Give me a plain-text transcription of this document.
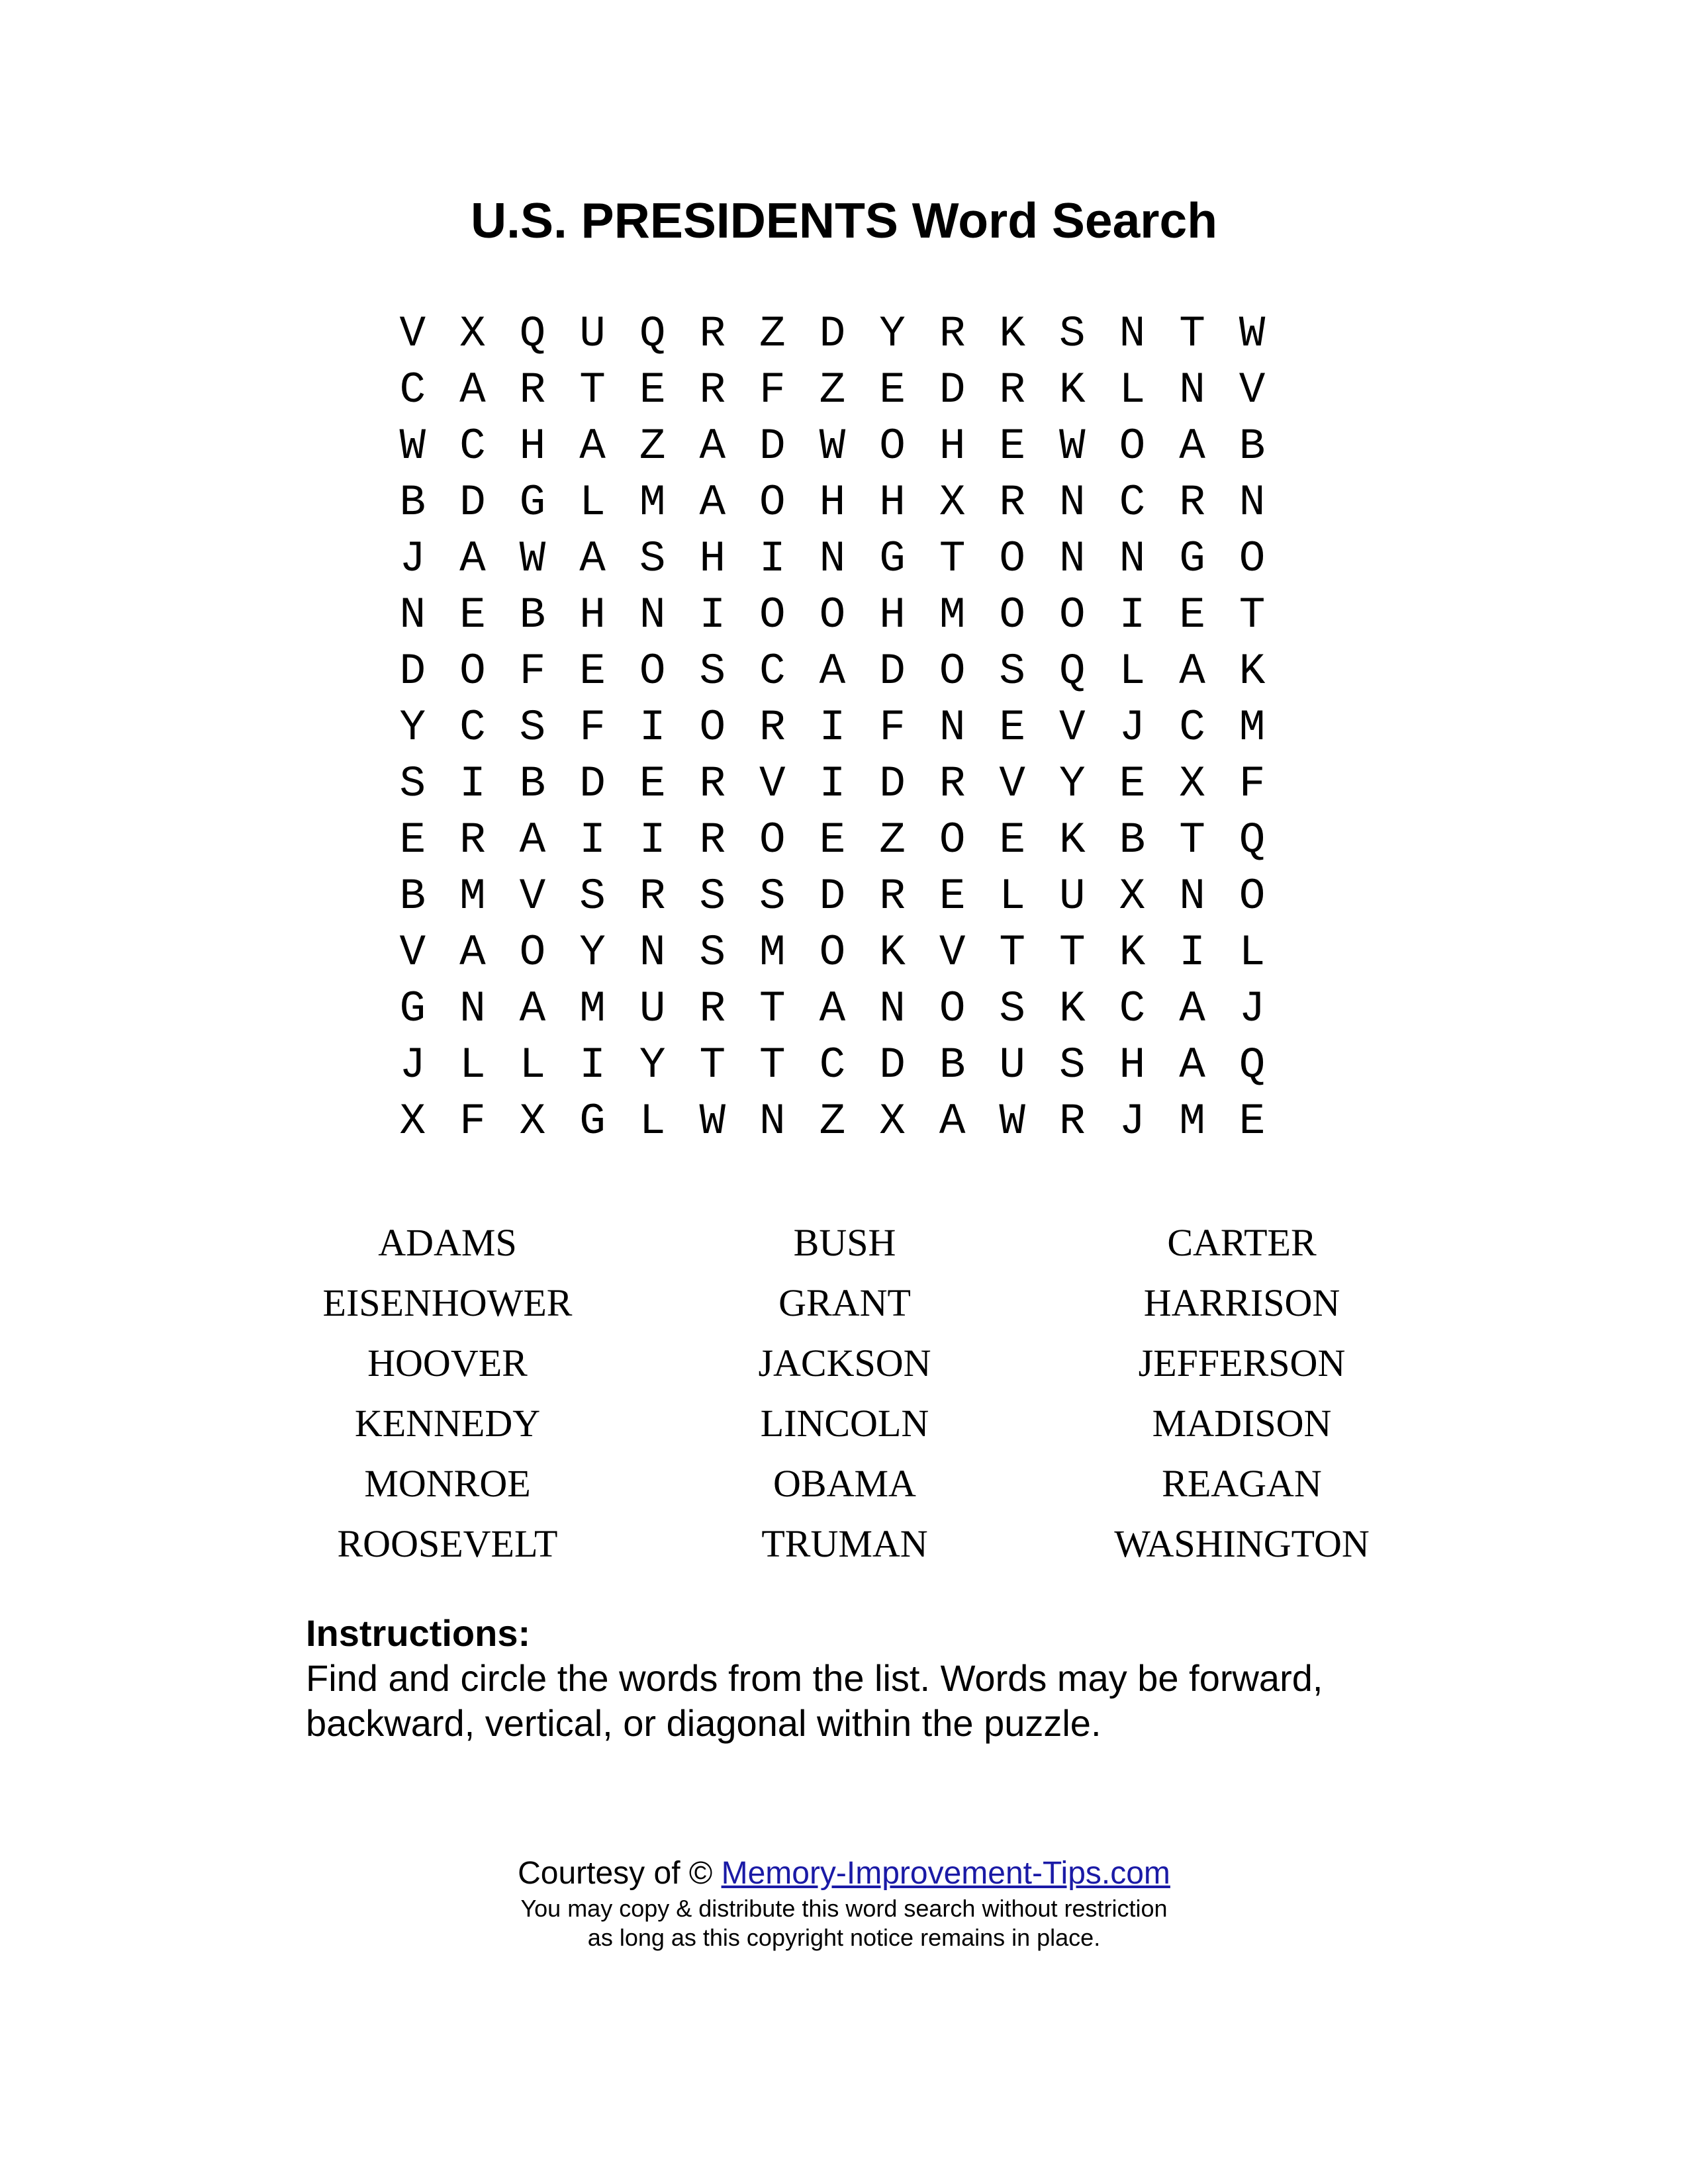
U.S. PRESIDENTS Word Search
V X Q U Q R Z D Y R K S N T W
C A R T E R F Z E D R K L N V
W C H A Z A D W O H E W O A B
B D G L M A O H H X R N C R N
J A W A S H I N G T O N N G O
N E B H N I O O H M O O I E T
D O F E O S C A D O S Q L A K
Y C S F I O R I F N E V J C M
S I B D E R V I D R V Y E X F
E R A I I R O E Z O E K B T Q
B M V S R S S D R E L U X N O
V A O Y N S M O K V T T K I L
G N A M U R T A N O S K C A J
J L L I Y T T C D B U S H A Q
X F X G L W N Z X A W R J M E
ADAMS	BUSH	CARTER
EISENHOWER	GRANT	HARRISON
HOOVER	JACKSON	JEFFERSON
KENNEDY	LINCOLN	MADISON
MONROE	OBAMA	REAGAN
ROOSEVELT	TRUMAN	WASHINGTON
Instructions:
Find and circle the words from the list. Words may be forward,
backward, vertical, or diagonal within the puzzle.
Courtesy of © Memory-Improvement-Tips.com
You may copy & distribute this word search without restriction
as long as this copyright notice remains in place.
